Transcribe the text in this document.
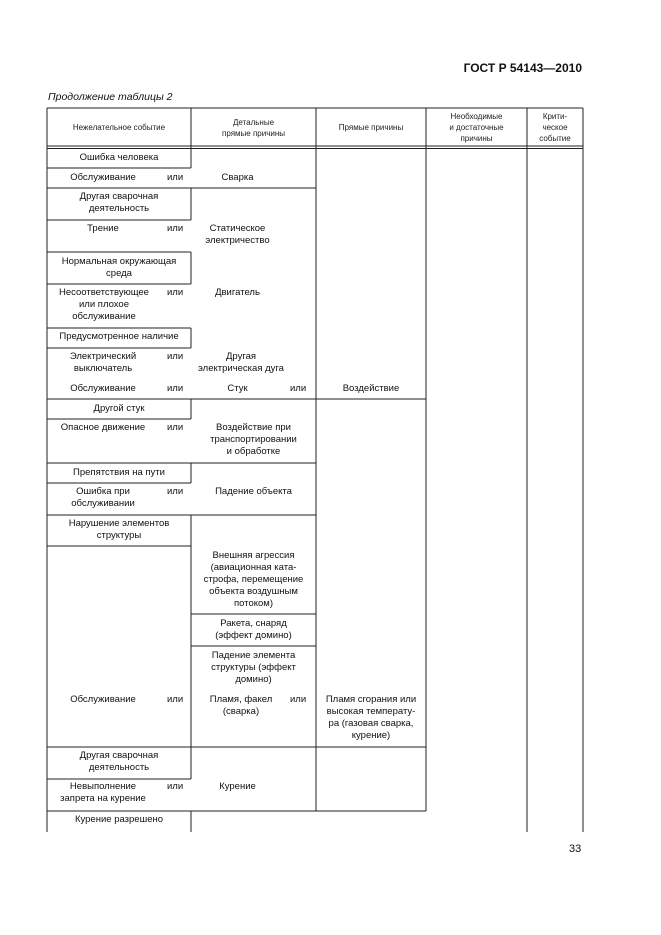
ГОСТ Р 54143—2010
Продолжение таблицы 2
Нежелательное событие
Детальные
прямые причины
Прямые причины
Необходимые
и достаточные
причины
Крити-
ческое
событие
Ошибка человека
Обслуживание
Другая сварочная
деятельность
Трение
Нормальная окружающая
среда
Несоответствующее
или плохое
обслуживание
Предусмотренное наличие
Электрический
выключатель
Обслуживание
Другой стук
Опасное движение
Препятствия на пути
Ошибка при
обслуживании
Нарушение элементов
структуры
Обслуживание
Другая сварочная
деятельность
Невыполнение
запрета на курение
Курение разрешено
или
или
или
или
или
или
или
или
или
Сварка
Статическое
электричество
Двигатель
Другая
электрическая дуга
Стук
Воздействие при
транспортировании
и обработке
Падение объекта
Внешняя агрессия
(авиационная ката-
строфа, перемещение
объекта воздушным
потоком)
Ракета, снаряд
(эффект домино)
Падение элемента
структуры (эффект
домино)
Пламя, факел
(сварка)
Курение
или
или
Воздействие
Пламя сгорания или
высокая температу-
ра (газовая сварка,
курение)
33
